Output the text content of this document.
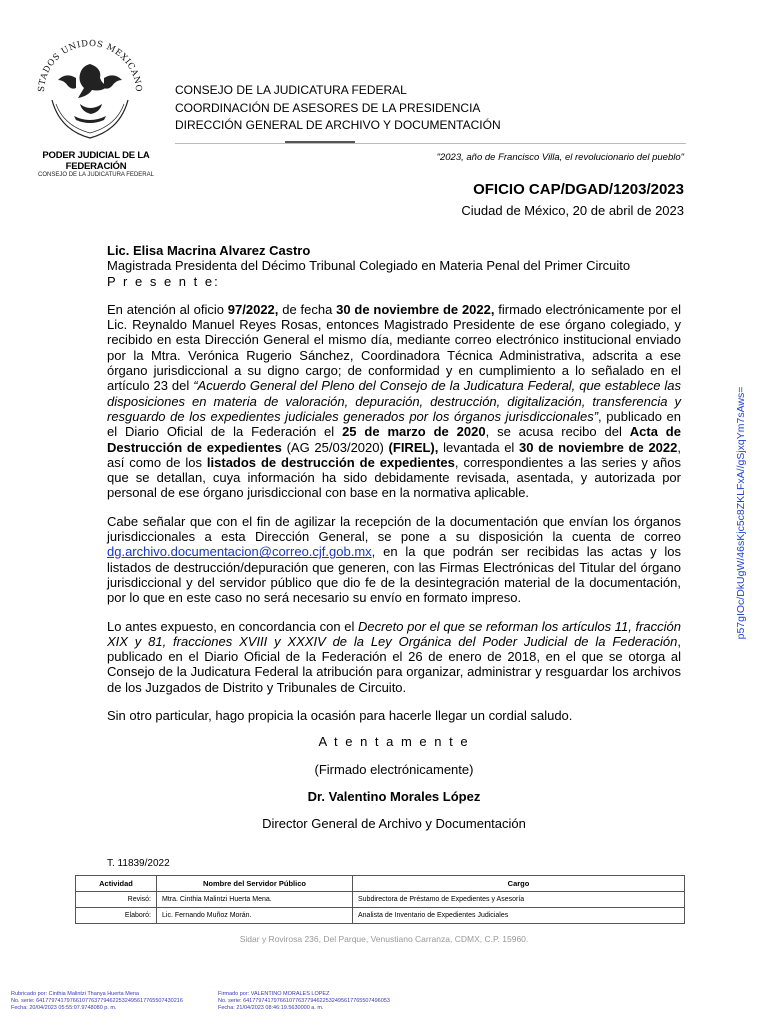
STADOS UNIDOS MEXICANO
PODER JUDICIAL DE LA FEDERACIÓN
CONSEJO DE LA JUDICATURA FEDERAL
CONSEJO DE LA JUDICATURA FEDERAL
COORDINACIÓN DE ASESORES DE LA PRESIDENCIA
DIRECCIÓN GENERAL DE ARCHIVO Y DOCUMENTACIÓN
"2023, año de Francisco Villa, el revolucionario del pueblo"
OFICIO CAP/DGAD/1203/2023
Ciudad de México, 20 de abril de 2023

Lic. Elisa Macrina Alvarez Castro

Magistrada Presidenta del Décimo Tribunal Colegiado en Materia Penal del Primer Circuito

P r e s e n t e:

En atención al oficio 97/2022, de fecha 30 de noviembre de 2022, firmado electrónicamente por el Lic. Reynaldo Manuel Reyes Rosas, entonces Magistrado Presidente de ese órgano colegiado, y recibido en esta Dirección General el mismo día, mediante correo electrónico institucional enviado por la Mtra. Verónica Rugerio Sánchez, Coordinadora Técnica Administrativa, adscrita a ese órgano jurisdiccional a su digno cargo; de conformidad y en cumplimiento a lo señalado en el artículo 23 del “Acuerdo General del Pleno del Consejo de la Judicatura Federal, que establece las disposiciones en materia de valoración, depuración, destrucción, digitalización, transferencia y resguardo de los expedientes judiciales generados por los órganos jurisdiccionales”, publicado en el Diario Oficial de la Federación el 25 de marzo de 2020, se acusa recibo del Acta de Destrucción de expedientes (AG 25/03/2020) (FIREL), levantada el 30 de noviembre de 2022, así como de los listados de destrucción de expedientes, correspondientes a las series y años que se detallan, cuya información ha sido debidamente revisada, asentada, y autorizada por personal de ese órgano jurisdiccional con base en la normativa aplicable.

Cabe señalar que con el fin de agilizar la recepción de la documentación que envían los órganos jurisdiccionales a esta Dirección General, se pone a su disposición la cuenta de correo dg.archivo.documentacion@correo.cjf.gob.mx, en la que podrán ser recibidas las actas y los listados de destrucción/depuración que generen, con las Firmas Electrónicas del Titular del órgano jurisdiccional y del servidor público que dio fe de la desintegración material de la documentación, por lo que en este caso no será necesario su envío en formato impreso.

Lo antes expuesto, en concordancia con el Decreto por el que se reforman los artículos 11, fracción XIX y 81, fracciones XVIII y XXXIV de la Ley Orgánica del Poder Judicial de la Federación, publicado en el Diario Oficial de la Federación el 26 de enero de 2018, en el que se otorga al Consejo de la Judicatura Federal la atribución para organizar, administrar y resguardar los archivos de los Juzgados de Distrito y Tribunales de Circuito.

Sin otro particular, hago propicia la ocasión para hacerle llegar un cordial saludo.

A t e n t a m e n t e

(Firmado electrónicamente)

Dr. Valentino Morales López

Director General de Archivo y Documentación

T. 11839/2022
Actividad	Nombre del Servidor Público	Cargo
Revisó:	Mtra. Cinthia Malintzi Huerta Mena.	Subdirectora de Préstamo de Expedientes y Asesoría
Elaboró:	Lic. Fernando Muñoz Morán.	Analista de Inventario de Expedientes Judiciales
Sidar y Rovirosa 236, Del Parque, Venustiano Carranza, CDMX, C.P. 15960.
Rubricado por: Cinthia Malintzi Thanya Huerta Mena
No. serie: 64177974179766107763779462253249561776550743021​6
Fecha: 20/04/2023 05:55:07.9748080 p. m.
Firmado por: VALENTINO MORALES LOPEZ
No. serie: 64177974179766107763779462253249561776550749605​3
Fecha: 21/04/2023 08:46:19.5630000 a. m.
p57gIOc/DkUgW/46sKjc5c8ZKLFxA//gSjxqYm7sAws=
